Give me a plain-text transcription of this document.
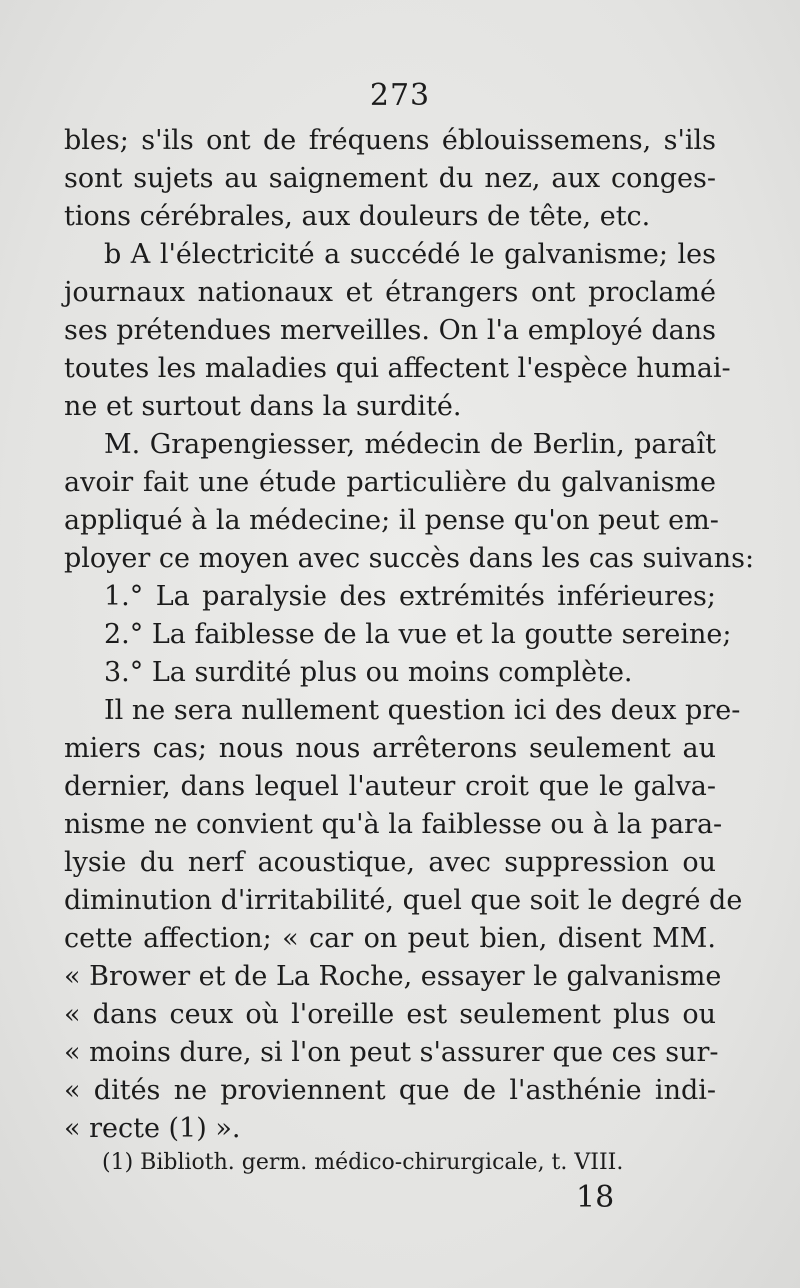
273
bles; s'ils ont de fréquens éblouissemens, s'ils
sont sujets au saignement du nez, aux conges-
tions cérébrales, aux douleurs de tête, etc.
b A l'électricité a succédé le galvanisme; les
journaux nationaux et étrangers ont proclamé
ses prétendues merveilles. On l'a employé dans
toutes les maladies qui affectent l'espèce humai-
ne et surtout dans la surdité.
M. Grapengiesser, médecin de Berlin, paraît
avoir fait une étude particulière du galvanisme
appliqué à la médecine; il pense qu'on peut em-
ployer ce moyen avec succès dans les cas suivans:
1.° La paralysie des extrémités inférieures;
2.° La faiblesse de la vue et la goutte sereine;
3.° La surdité plus ou moins complète.
Il ne sera nullement question ici des deux pre-
miers cas; nous nous arrêterons seulement au
dernier, dans lequel l'auteur croit que le galva-
nisme ne convient qu'à la faiblesse ou à la para-
lysie du nerf acoustique, avec suppression ou
diminution d'irritabilité, quel que soit le degré de
cette affection; « car on peut bien, disent MM.
« Brower et de La Roche, essayer le galvanisme
« dans ceux où l'oreille est seulement plus ou
« moins dure, si l'on peut s'assurer que ces sur-
« dités ne proviennent que de l'asthénie indi-
« recte (1) ».
(1) Biblioth. germ. médico-chirurgicale, t. VIII.
18
